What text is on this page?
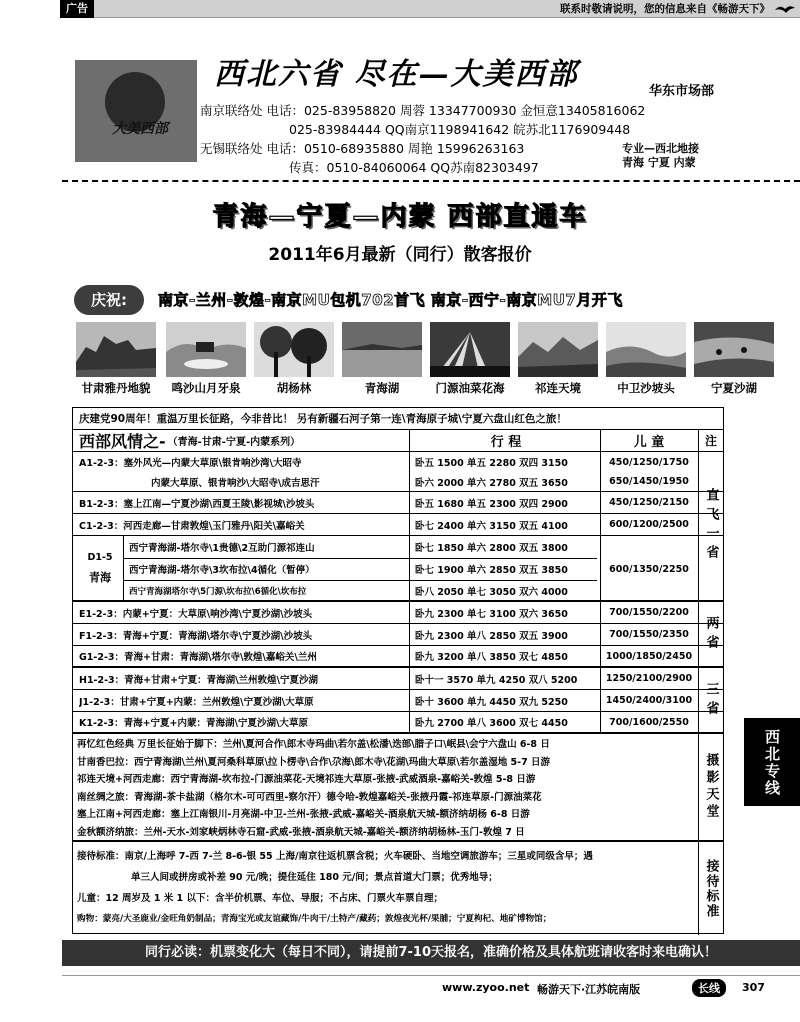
广告	联系时敬请说明，您的信息来自《畅游天下》
大美西部
西北六省 尽在—大美西部	华东市场部
南京联络处 电话：025-83958820 周蓉 13347700930 金恒意13405816062
025-83984444 QQ南京1198941642 皖苏北1176909448
无锡联络处 电话：0510-68935880 周艳 15996263163
传真：0510-84060064 QQ苏南82303497
专业—西北地接
青海 宁夏 内蒙
青海—宁夏—内蒙 西部直通车
2011年6月最新（同行）散客报价
庆祝:	南京-兰州-敦煌-南京MU包机702首飞 南京-西宁-南京MU7月开飞
甘肃雅丹地貌	鸣沙山月牙泉	胡杨林	青海湖	门源油菜花海	祁连天境	中卫沙坡头	宁夏沙湖
庆建党90周年！重温万里长征路，今非昔比！ 另有新疆石河子第一连\青海原子城\宁夏六盘山红色之旅！
西部风情之- （青海-甘肃-宁夏-内蒙系列）	行 程	儿 童	注
A1-2-3：塞外风光—内蒙大草原\银肯响沙湾\大昭寺	卧五 1500 单五 2280 双四 3150	450/1250/1750
内蒙大草原、银肯响沙\大昭寺\成吉思汗	卧六 2000 单六 2780 双五 3650	650/1450/1950
B1-2-3：塞上江南—宁夏沙湖\西夏王陵\影视城\沙坡头	卧五 1680 单五 2300 双四 2900	450/1250/2150
C1-2-3：河西走廊—甘肃敦煌\玉门雅丹\阳关\嘉峪关	卧七 2400 单六 3150 双五 4100	600/1200/2500
D1-5
青海
西宁青海湖-塔尔寺\1贵德\2互助门源祁连山	卧七 1850 单六 2800 双五 3800
西宁青海湖-塔尔寺\3坎布拉\4循化（暂停）	卧七 1900 单六 2850 双五 3850	600/1350/2250
西宁青海湖塔尔寺\5门源\坎布拉\6循化\坎布拉	卧八 2050 单七 3050 双六 4000
E1-2-3：内蒙+宁夏：大草原\响沙湾\宁夏沙湖\沙坡头	卧九 2300 单七 3100 双六 3650	700/1550/2200
F1-2-3：青海+宁夏：青海湖\塔尔寺\宁夏沙湖\沙坡头	卧九 2300 单八 2850 双五 3900	700/1550/2350
G1-2-3：青海+甘肃：青海湖\塔尔寺\敦煌\嘉峪关\兰州	卧九 3200 单八 3850 双七 4850	1000/1850/2450
H1-2-3：青海+甘肃+宁夏：青海湖\兰州敦煌\宁夏沙湖	卧十一 3570 单九 4250 双八 5200	1250/2100/2900
J1-2-3：甘肃+宁夏+内蒙：兰州敦煌\宁夏沙湖\大草原	卧十 3600 单九 4450 双九 5250	1450/2400/3100
K1-2-3：青海+宁夏+内蒙：青海湖\宁夏沙湖\大草原	卧九 2700 单八 3600 双七 4450	700/1600/2550
直飞一省
两省
三省
再忆红色经典 万里长征始于脚下：兰州\夏河合作\郎木寺玛曲\若尔盖\松潘\迭部\腊子口\岷县\会宁六盘山 6-8 日
甘南香巴拉：西宁青海湖\兰州\夏河桑科草原\拉卜楞寺\合作\尕海\郎木寺\花湖\玛曲大草原\若尔盖湿地 5-7 日游
祁连天境+河西走廊：西宁青海湖-坎布拉-门源油菜花-天境祁连大草原-张掖-武威酒泉-嘉峪关-敦煌 5-8 日游
南丝绸之旅：青海湖-茶卡盐湖（格尔木-可可西里-察尔汗）德令哈-敦煌嘉峪关-张掖丹霞-祁连草原-门源油菜花
塞上江南+河西走廊：塞上江南银川-月亮湖-中卫-兰州-张掖-武威-嘉峪关-酒泉航天城-额济纳胡杨 6-8 日游
金秋额济纳旅：兰州-天水-刘家峡炳林寺石窟-武威-张掖-酒泉航天城-嘉峪关-额济纳胡杨林-玉门-敦煌 7 日
摄影天堂
接待标准：南京/上海呼 7-西 7-兰 8-6-银 55 上海/南京往返机票含税；火车硬卧、当地空调旅游车；三星或同级含早；遇
单三人间或拼房或补差 90 元/晚；提住延住 180 元/间；景点首道大门票；优秀地导；
儿童：12 周岁及 1 米 1 以下：含半价机票、车位、导服；不占床、门票火车票自理；
购物：蒙亮/大圣鹿业/金旺角奶制品；青海宝光或友谊藏饰/牛肉干/土特产/藏药；敦煌夜光杯/果脯；宁夏枸杞、地矿博物馆；
接待标准
西北专线
同行必读：机票变化大（每日不同），请提前7-10天报名，准确价格及具体航班请收客时来电确认！
www.zyoo.net 畅游天下·江苏皖南版	长线	307
